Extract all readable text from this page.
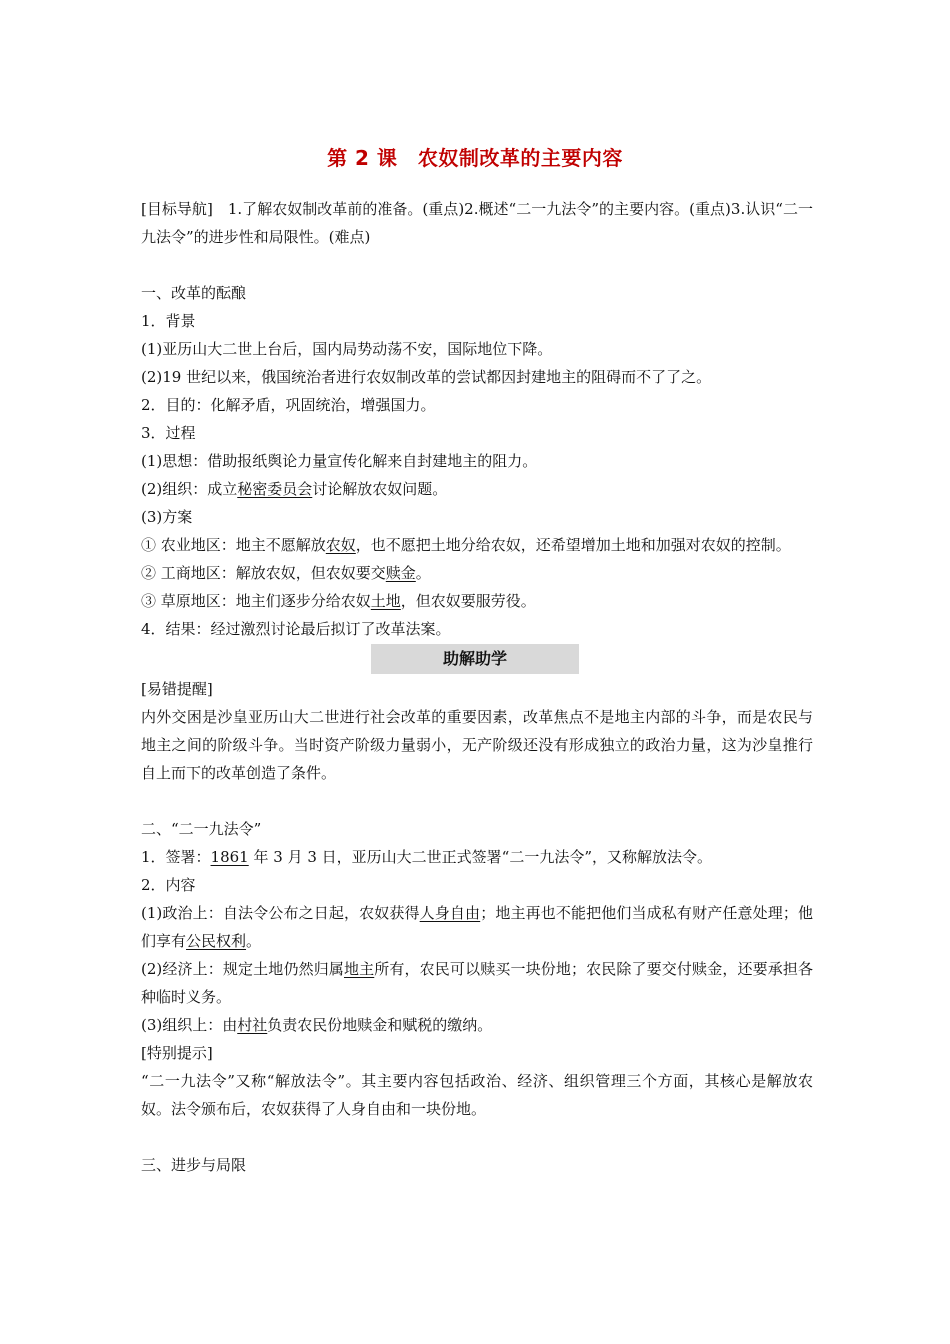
第 2 课　农奴制改革的主要内容

[目标导航]　1.了解农奴制改革前的准备。(重点)2.概述“二一九法令”的主要内容。(重点)3.认识“二一九法令”的进步性和局限性。(难点)

一、改革的酝酿

1．背景

(1)亚历山大二世上台后，国内局势动荡不安，国际地位下降。

(2)19 世纪以来，俄国统治者进行农奴制改革的尝试都因封建地主的阻碍而不了了之。

2．目的：化解矛盾，巩固统治，增强国力。

3．过程

(1)思想：借助报纸舆论力量宣传化解来自封建地主的阻力。

(2)组织：成立秘密委员会讨论解放农奴问题。

(3)方案

① 农业地区：地主不愿解放农奴，也不愿把土地分给农奴，还希望增加土地和加强对农奴的控制。

② 工商地区：解放农奴，但农奴要交赎金。

③ 草原地区：地主们逐步分给农奴土地，但农奴要服劳役。

4．结果：经过激烈讨论最后拟订了改革法案。

助解助学

[易错提醒]

内外交困是沙皇亚历山大二世进行社会改革的重要因素，改革焦点不是地主内部的斗争，而是农民与地主之间的阶级斗争。当时资产阶级力量弱小，无产阶级还没有形成独立的政治力量，这为沙皇推行自上而下的改革创造了条件。

二、“二一九法令”

1．签署：1861 年 3 月 3 日，亚历山大二世正式签署“二一九法令”，又称解放法令。

2．内容

(1)政治上：自法令公布之日起，农奴获得人身自由；地主再也不能把他们当成私有财产任意处理；他们享有公民权利。

(2)经济上：规定土地仍然归属地主所有，农民可以赎买一块份地；农民除了要交付赎金，还要承担各种临时义务。

(3)组织上：由村社负责农民份地赎金和赋税的缴纳。

[特别提示]

“二一九法令”又称“解放法令”。其主要内容包括政治、经济、组织管理三个方面，其核心是解放农奴。法令颁布后，农奴获得了人身自由和一块份地。

三、进步与局限
